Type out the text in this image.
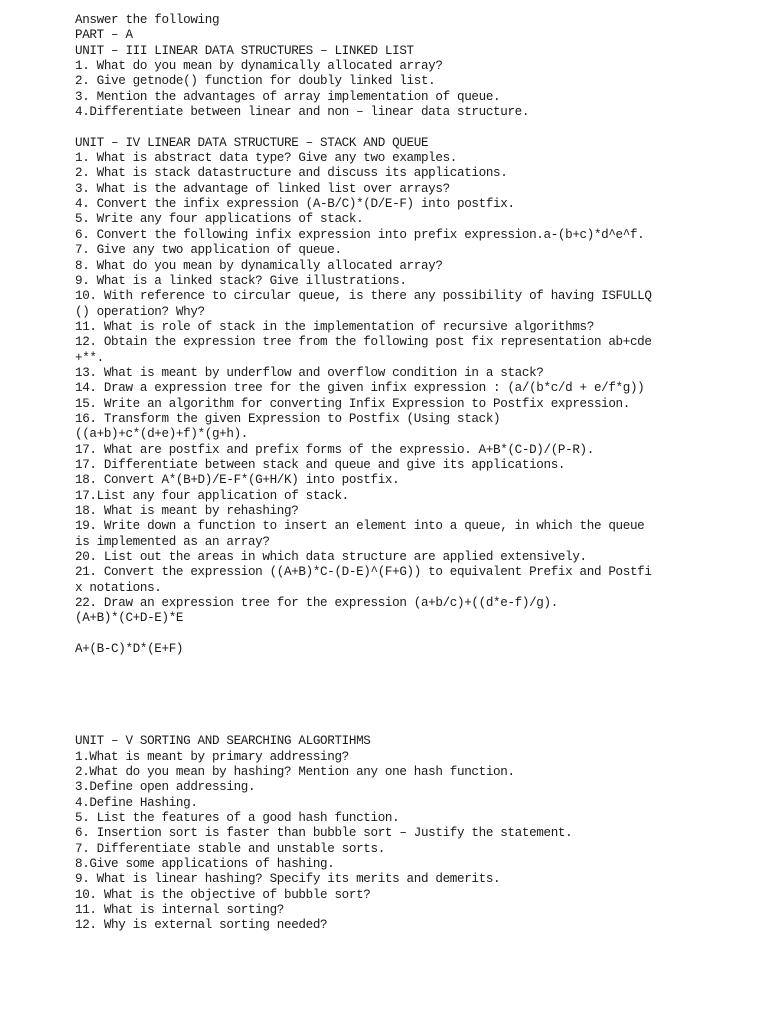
Answer the following
PART – A
UNIT – III LINEAR DATA STRUCTURES – LINKED LIST
1. What do you mean by dynamically allocated array?
2. Give getnode() function for doubly linked list.
3. Mention the advantages of array implementation of queue.
4.Differentiate between linear and non – linear data structure.
UNIT – IV LINEAR DATA STRUCTURE – STACK AND QUEUE
1. What is abstract data type? Give any two examples.
2. What is stack datastructure and discuss its applications.
3. What is the advantage of linked list over arrays?
4. Convert the infix expression (A-B/C)*(D/E-F) into postfix.
5. Write any four applications of stack.
6. Convert the following infix expression into prefix expression.a-(b+c)*d^e^f.
7. Give any two application of queue.
8. What do you mean by dynamically allocated array?
9. What is a linked stack? Give illustrations.
10. With reference to circular queue, is there any possibility of having ISFULLQ
() operation? Why?
11. What is role of stack in the implementation of recursive algorithms?
12. Obtain the expression tree from the following post fix representation ab+cde
+**.
13. What is meant by underflow and overflow condition in a stack?
14. Draw a expression tree for the given infix expression : (a/(b*c/d + e/f*g))
15. Write an algorithm for converting Infix Expression to Postfix expression.
16. Transform the given Expression to Postfix (Using stack)
((a+b)+c*(d+e)+f)*(g+h).
17. What are postfix and prefix forms of the expressio. A+B*(C-D)/(P-R).
17. Differentiate between stack and queue and give its applications.
18. Convert A*(B+D)/E-F*(G+H/K) into postfix.
17.List any four application of stack.
18. What is meant by rehashing?
19. Write down a function to insert an element into a queue, in which the queue
is implemented as an array?
20. List out the areas in which data structure are applied extensively.
21. Convert the expression ((A+B)*C-(D-E)^(F+G)) to equivalent Prefix and Postfi
x notations.
22. Draw an expression tree for the expression (a+b/c)+((d*e-f)/g).
(A+B)*(C+D-E)*E
A+(B-C)*D*(E+F)
UNIT – V SORTING AND SEARCHING ALGORTIHMS
1.What is meant by primary addressing?
2.What do you mean by hashing? Mention any one hash function.
3.Define open addressing.
4.Define Hashing.
5. List the features of a good hash function.
6. Insertion sort is faster than bubble sort – Justify the statement.
7. Differentiate stable and unstable sorts.
8.Give some applications of hashing.
9. What is linear hashing? Specify its merits and demerits.
10. What is the objective of bubble sort?
11. What is internal sorting?
12. Why is external sorting needed?
